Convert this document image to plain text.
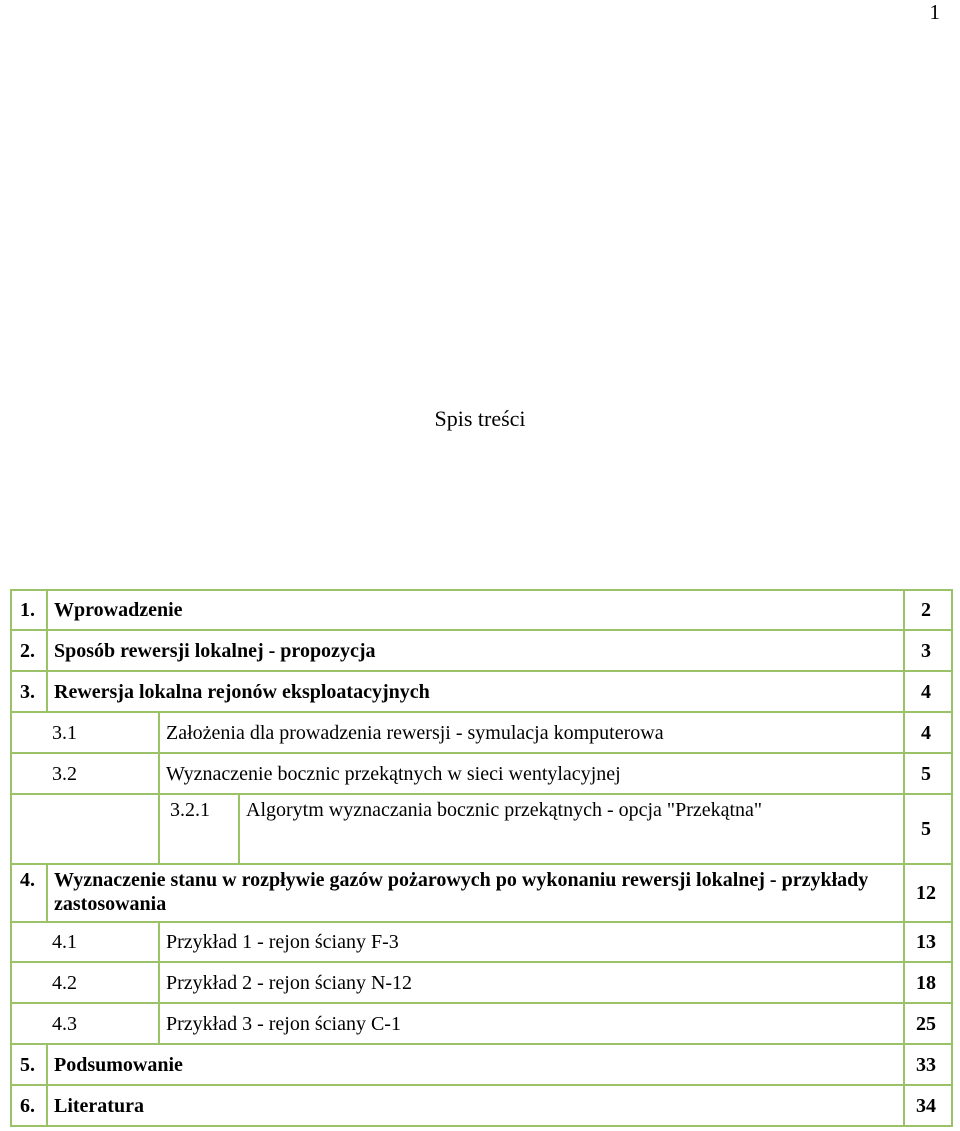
1
Spis treści
1.	Wprowadzenie			2
2.	Sposób rewersji lokalnej - propozycja			3
3.	Rewersja lokalna rejonów eksploatacyjnych			4
3.1		Założenia dla prowadzenia rewersji - symulacja komputerowa		4
3.2		Wyznaczenie bocznic przekątnych w sieci wentylacyjnej		5
		3.2.1	Algorytm wyznaczania bocznic przekątnych - opcja "Przekątna"	5
4.	Wyznaczenie stanu w rozpływie gazów pożarowych po wykonaniu rewersji lokalnej - przykłady zastosowania			12
4.1		Przykład 1 - rejon ściany F-3		13
4.2		Przykład 2 - rejon ściany N-12		18
4.3		Przykład 3 - rejon ściany C-1		25
5.	Podsumowanie			33
6.	Literatura			34
